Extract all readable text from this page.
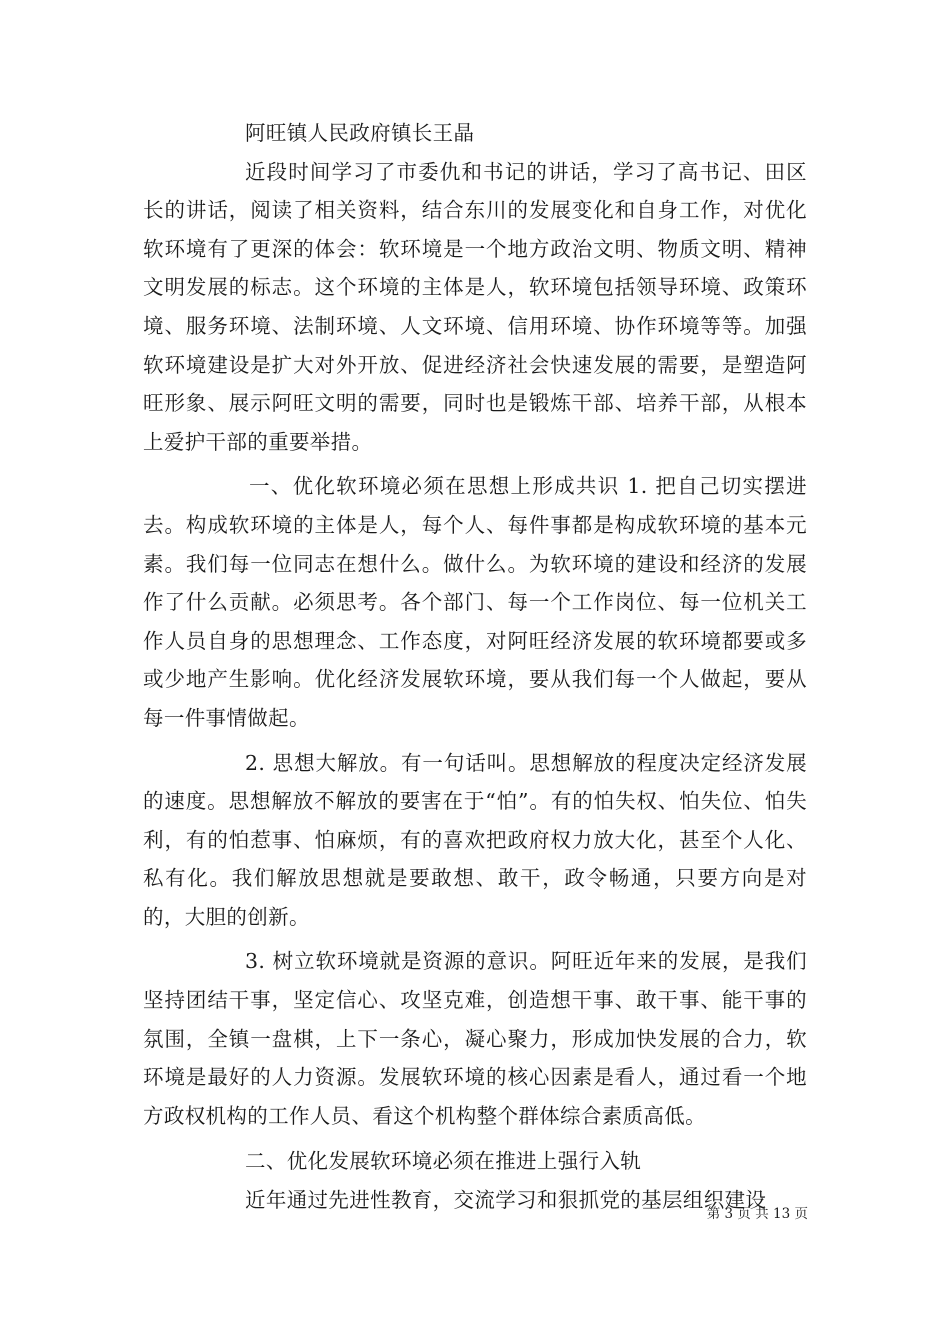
阿旺镇人民政府镇长王晶

近段时间学习了市委仇和书记的讲话，学习了高书记、田区长的讲话，阅读了相关资料，结合东川的发展变化和自身工作，对优化软环境有了更深的体会：软环境是一个地方政治文明、物质文明、精神文明发展的标志。这个环境的主体是人，软环境包括领导环境、政策环境、服务环境、法制环境、人文环境、信用环境、协作环境等等。加强软环境建设是扩大对外开放、促进经济社会快速发展的需要，是塑造阿旺形象、展示阿旺文明的需要，同时也是锻炼干部、培养干部，从根本上爱护干部的重要举措。

一、优化软环境必须在思想上形成共识 1. 把自己切实摆进去。构成软环境的主体是人，每个人、每件事都是构成软环境的基本元素。我们每一位同志在想什么。做什么。为软环境的建设和经济的发展作了什么贡献。必须思考。各个部门、每一个工作岗位、每一位机关工作人员自身的思想理念、工作态度，对阿旺经济发展的软环境都要或多或少地产生影响。优化经济发展软环境，要从我们每一个人做起，要从每一件事情做起。

2. 思想大解放。有一句话叫。思想解放的程度决定经济发展的速度。思想解放不解放的要害在于“怕”。有的怕失权、怕失位、怕失利，有的怕惹事、怕麻烦，有的喜欢把政府权力放大化，甚至个人化、私有化。我们解放思想就是要敢想、敢干，政令畅通，只要方向是对的，大胆的创新。

3. 树立软环境就是资源的意识。阿旺近年来的发展，是我们坚持团结干事，坚定信心、攻坚克难，创造想干事、敢干事、能干事的氛围，全镇一盘棋，上下一条心，凝心聚力，形成加快发展的合力，软环境是最好的人力资源。发展软环境的核心因素是看人，通过看一个地方政权机构的工作人员、看这个机构整个群体综合素质高低。

二、优化发展软环境必须在推进上强行入轨

近年通过先进性教育，交流学习和狠抓党的基层组织建设

第 3 页 共 13 页
